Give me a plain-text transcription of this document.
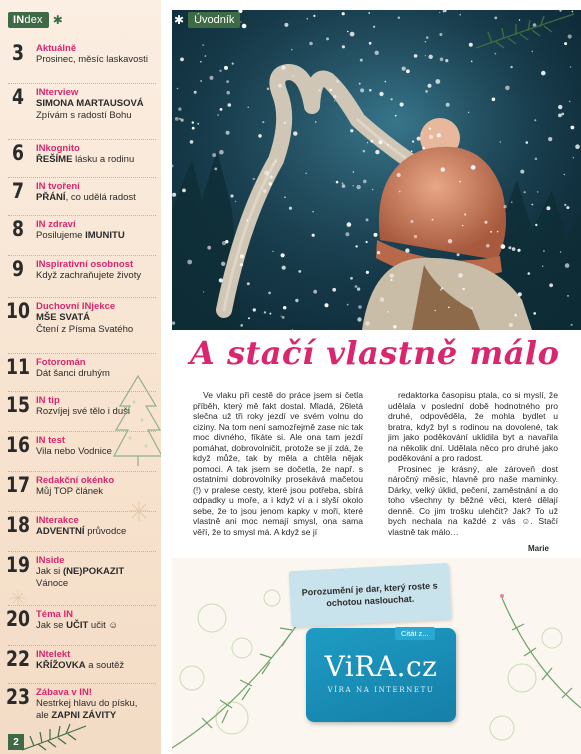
INdex ✱
3	Aktuálně
Prosinec, měsíc laskavosti
4	INterview
SIMONA MARTAUSOVÁ
Zpívám s radostí Bohu
6	INkognito
ŘEŠÍME lásku a rodinu
7	IN tvoření
PŘÁNÍ, co udělá radost
8	IN zdraví
Posilujeme IMUNITU
9	INspirativní osobnost
Když zachraňujete životy
10 Duchovní INjekce
MŠE SVATÁ
Čtení z Písma Svatého
11 Fotoromán
Dát šanci druhým
15 IN tip
Rozvíjej své tělo i duši
16 IN test
Vila nebo Vodnice
17 Redakční okénko
Můj TOP článek
18 INterakce
ADVENTNÍ průvodce
19 INside
Jak si (NE)POKAZIT
Vánoce
20 Téma IN
Jak se UČIT učit ☺
22 INtelekt
KŘÍŽOVKA a soutěž
23 Zábava v IN!
Nestrkej hlavu do písku,
ale ZAPNI ZÁVITY
2
✱ Úvodník
A stačí vlastně málo

Ve vlaku při cestě do práce jsem si četla příběh, který mě fakt dostal. Mladá, 26letá slečna už tři roky jezdí ve svém volnu do ciziny. Na tom není samozřejmě zase nic tak moc divného, fíkáte si. Ale ona tam jezdí pomáhat, dobrovolničit, protože se jí zdá, že když může, tak by měla a chtěla nějak pomoci. A tak jsem se dočetla, že např. s ostatními dobrovolníky prosekává mačetou (!) v pralese cesty, které jsou potřeba, sbírá odpadky u moře, a i když ví a i slyší okolo sebe, že to jsou jenom kapky v moři, které vlastně ani moc nemají smysl, ona sama věří, že to smysl má. A když se jí

redaktorka časopisu ptala, co si myslí, že udělala v poslední době hodnotného pro druhé, odpověděla, že mohla bydlet u bratra, když byl s rodinou na dovolené, tak jim jako poděkování uklidila byt a navařila na několik dní. Udělala něco pro druhé jako poděkování a pro radost.

Prosinec je krásný, ale zároveň dost náročný měsíc, hlavně pro naše maminky. Dárky, velký úklid, pečení, zaměstnání a do toho všechny ty běžné věci, které dělají denně. Co jim trošku ulehčit? Jak? To už bych nechala na každé z vás ☺. Stačí vlastně tak málo…

Marie
Porozumění je dar, který roste s ochotou naslouchat.
Citát z...
ViRA.cz
VÍRA NA INTERNETU
